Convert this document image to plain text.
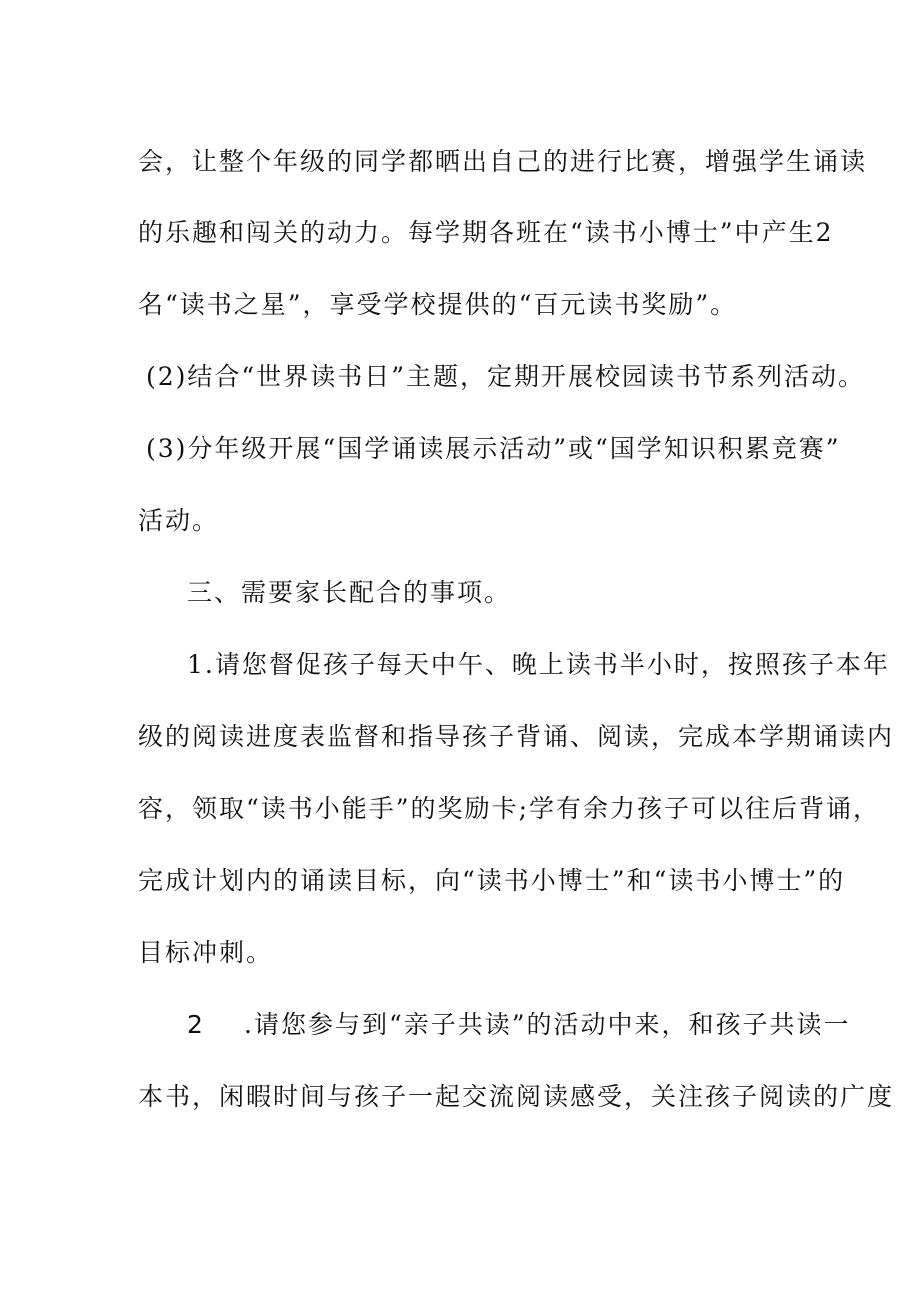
会，让整个年级的同学都晒出自己的进行比赛，增强学生诵读
的乐趣和闯关的动力。每学期各班在“读书小博士”中产生2
名“读书之星”，享受学校提供的“百元读书奖励”。
(2)结合“世界读书日”主题，定期开展校园读书节系列活动。
(3)分年级开展“国学诵读展示活动”或“国学知识积累竞赛”
活动。
三、需要家长配合的事项。
1.请您督促孩子每天中午、晚上读书半小时，按照孩子本年
级的阅读进度表监督和指导孩子背诵、阅读，完成本学期诵读内
容，领取“读书小能手”的奖励卡;学有余力孩子可以往后背诵，
完成计划内的诵读目标，向“读书小博士”和“读书小博士”的
目标冲刺。
2 .请您参与到“亲子共读”的活动中来，和孩子共读一
本书，闲暇时间与孩子一起交流阅读感受，关注孩子阅读的广度
